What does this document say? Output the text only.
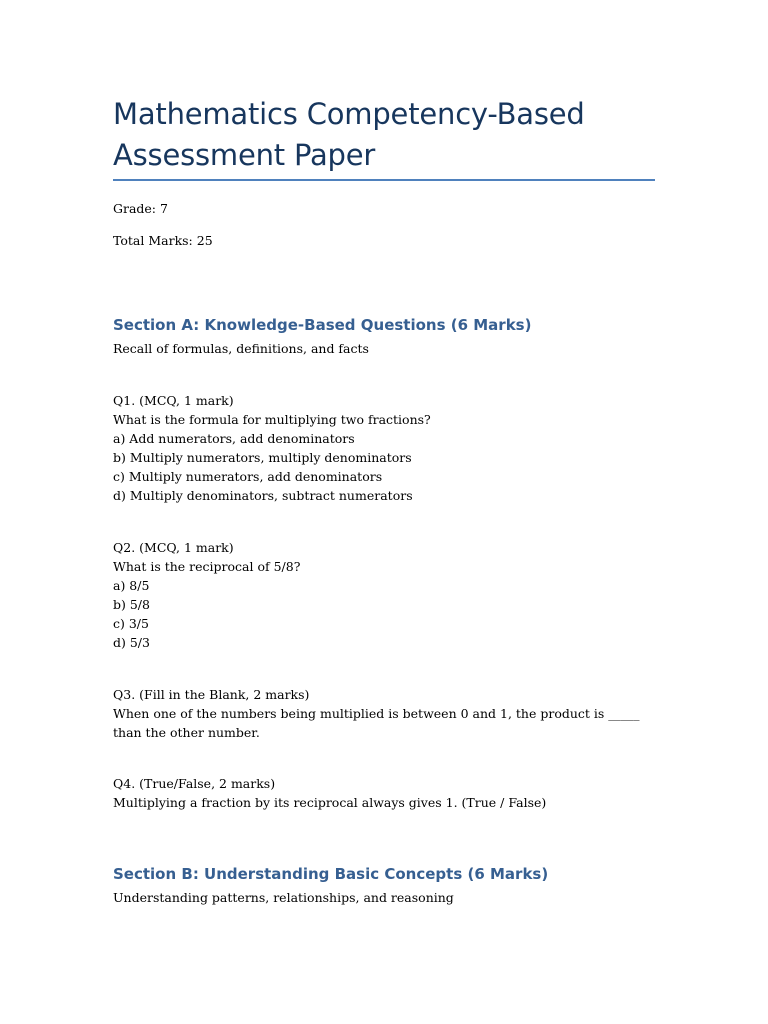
Mathematics Competency-Based Assessment Paper

Grade: 7

Total Marks: 25

Section A: Knowledge-Based Questions (6 Marks)

Recall of formulas, definitions, and facts

Q1. (MCQ, 1 mark)
What is the formula for multiplying two fractions?
a) Add numerators, add denominators
b) Multiply numerators, multiply denominators
c) Multiply numerators, add denominators
d) Multiply denominators, subtract numerators
Q2. (MCQ, 1 mark)
What is the reciprocal of 5/8?
a) 8/5
b) 5/8
c) 3/5
d) 5/3
Q3. (Fill in the Blank, 2 marks)
When one of the numbers being multiplied is between 0 and 1, the product is _____ than the other number.
Q4. (True/False, 2 marks)
Multiplying a fraction by its reciprocal always gives 1. (True / False)
Section B: Understanding Basic Concepts (6 Marks)

Understanding patterns, relationships, and reasoning
